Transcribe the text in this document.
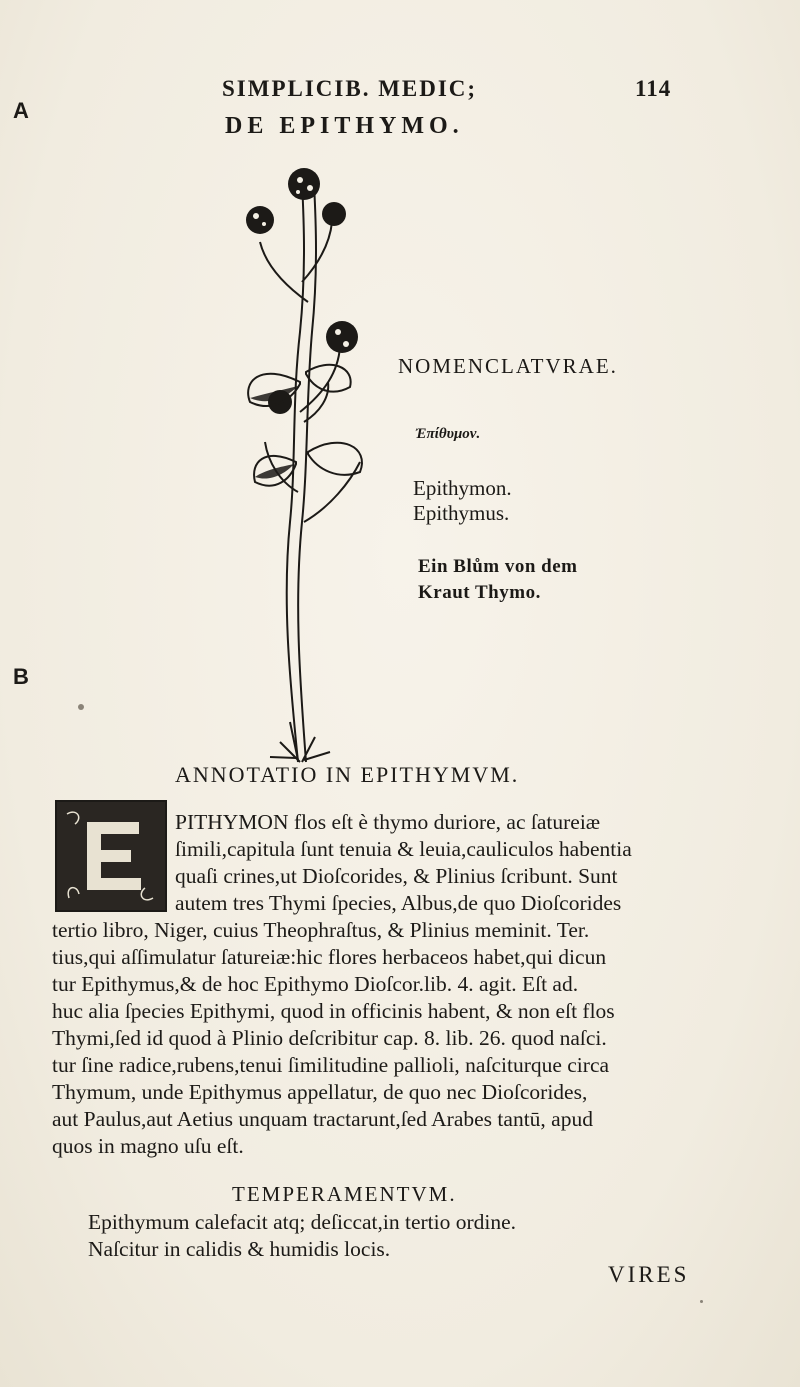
A
B
SIMPLICIB. MEDIC;	114
DE EPITHYMO.
NOMENCLATVRAE.
Ἐπίθυμον.
Epithymon.
Epithymus.
Ein Blům von dem
Kraut Thymo.
ANNOTATIO IN EPITHYMVM.
PITHYMON flos eſt è thymo duriore, ac ſatureiæ
ſimili,capitula ſunt tenuia & leuia,cauliculos habentia
quaſi crines,ut Dioſcorides, & Plinius ſcribunt. Sunt
autem tres Thymi ſpecies, Albus,de quo Dioſcorides
tertio libro, Niger, cuius Theophraſtus, & Plinius meminit. Ter.
tius,qui aſſimulatur ſatureiæ:hic flores herbaceos habet,qui dicun
tur Epithymus,& de hoc Epithymo Dioſcor.lib. 4. agit. Eſt ad.
huc alia ſpecies Epithymi, quod in officinis habent, & non eſt flos
Thymi,ſed id quod à Plinio deſcribitur cap. 8. lib. 26. quod naſci.
tur ſine radice,rubens,tenui ſimilitudine pallioli, naſciturque circa
Thymum, unde Epithymus appellatur, de quo nec Dioſcorides,
aut Paulus,aut Aetius unquam tractarunt,ſed Arabes tantū, apud
quos in magno uſu eſt.
TEMPERAMENTVM.
Epithymum calefacit atq; deſiccat,in tertio ordine.
Naſcitur in calidis & humidis locis.
VIRES
